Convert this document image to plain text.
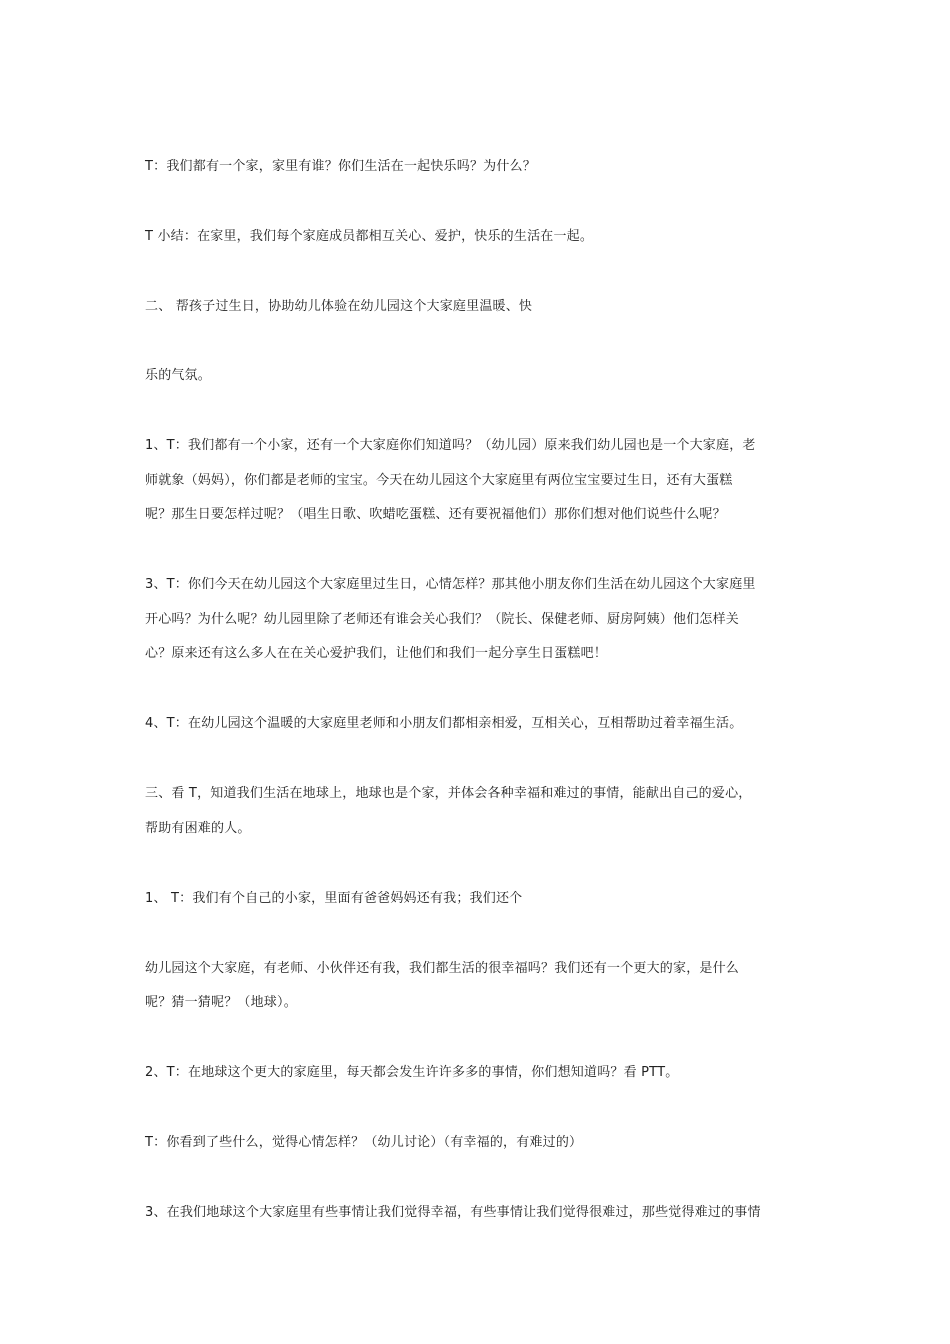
T：我们都有一个家，家里有谁？你们生活在一起快乐吗？为什么？
T 小结：在家里，我们每个家庭成员都相互关心、爱护，快乐的生活在一起。
二、 帮孩子过生日，协助幼儿体验在幼儿园这个大家庭里温暖、快
乐的气氛。
1、T：我们都有一个小家，还有一个大家庭你们知道吗？（幼儿园）原来我们幼儿园也是一个大家庭，老
师就象（妈妈），你们都是老师的宝宝。今天在幼儿园这个大家庭里有两位宝宝要过生日，还有大蛋糕
呢？那生日要怎样过呢？（唱生日歌、吹蜡吃蛋糕、还有要祝福他们）那你们想对他们说些什么呢？
3、T：你们今天在幼儿园这个大家庭里过生日，心情怎样？那其他小朋友你们生活在幼儿园这个大家庭里
开心吗？为什么呢？幼儿园里除了老师还有谁会关心我们？（院长、保健老师、厨房阿姨）他们怎样关
心？原来还有这么多人在在关心爱护我们，让他们和我们一起分享生日蛋糕吧！
4、T：在幼儿园这个温暖的大家庭里老师和小朋友们都相亲相爱，互相关心，互相帮助过着幸福生活。
三、看 T，知道我们生活在地球上，地球也是个家，并体会各种幸福和难过的事情，能献出自己的爱心，
帮助有困难的人。
1、 T：我们有个自己的小家，里面有爸爸妈妈还有我；我们还个
幼儿园这个大家庭，有老师、小伙伴还有我，我们都生活的很幸福吗？我们还有一个更大的家，是什么
呢？猜一猜呢？（地球）。
2、T：在地球这个更大的家庭里，每天都会发生许许多多的事情，你们想知道吗？看 PTT。
T：你看到了些什么，觉得心情怎样？（幼儿讨论）（有幸福的，有难过的）
3、在我们地球这个大家庭里有些事情让我们觉得幸福，有些事情让我们觉得很难过，那些觉得难过的事情
